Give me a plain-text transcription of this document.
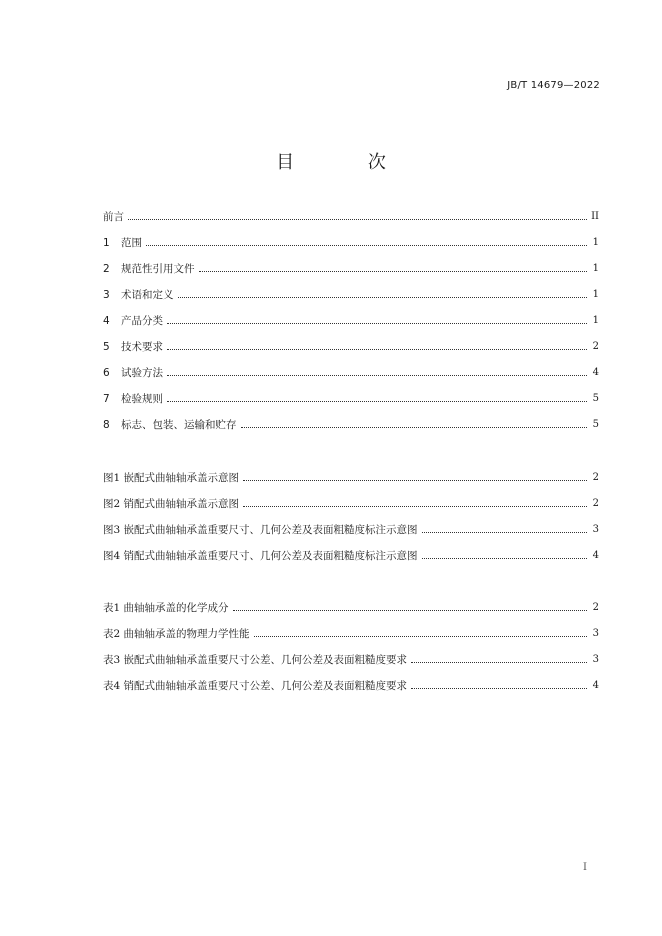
JB/T 14679—2022
目 次
前言	II
1 范围	1
2 规范性引用文件	1
3 术语和定义	1
4 产品分类	1
5 技术要求	2
6 试验方法	4
7 检验规则	5
8 标志、包装、运输和贮存	5
图1 嵌配式曲轴轴承盖示意图	2
图2 销配式曲轴轴承盖示意图	2
图3 嵌配式曲轴轴承盖重要尺寸、几何公差及表面粗糙度标注示意图	3
图4 销配式曲轴轴承盖重要尺寸、几何公差及表面粗糙度标注示意图	4
表1 曲轴轴承盖的化学成分	2
表2 曲轴轴承盖的物理力学性能	3
表3 嵌配式曲轴轴承盖重要尺寸公差、几何公差及表面粗糙度要求	3
表4 销配式曲轴轴承盖重要尺寸公差、几何公差及表面粗糙度要求	4
I
